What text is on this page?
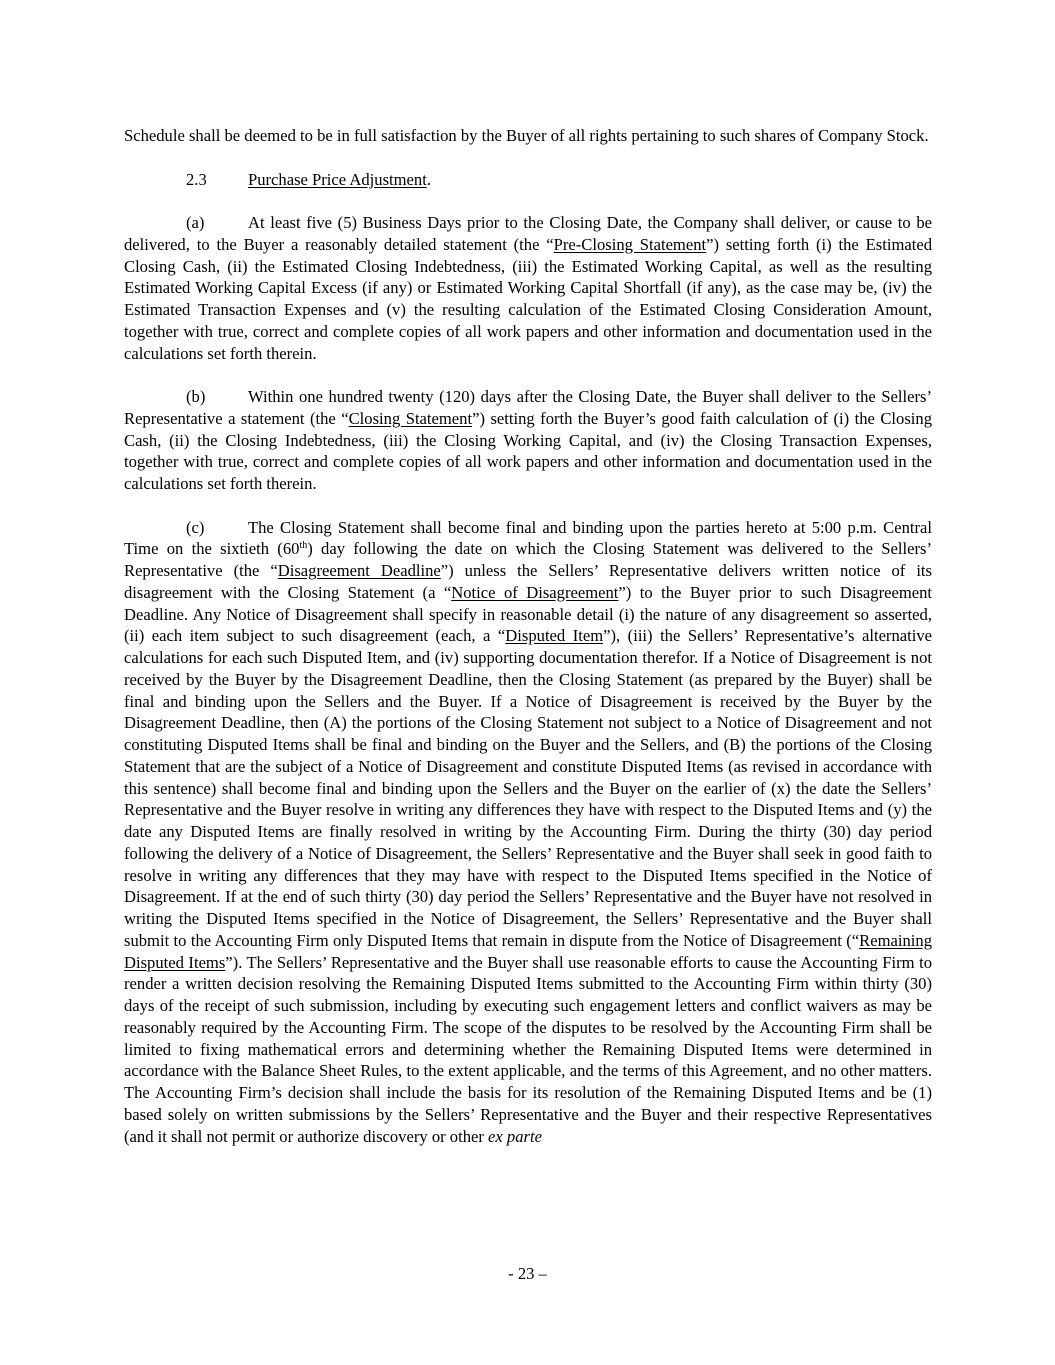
Schedule shall be deemed to be in full satisfaction by the Buyer of all rights pertaining to such shares of Company Stock.

2.3 Purchase Price Adjustment.

(a)	At least five (5) Business Days prior to the Closing Date, the Company shall deliver, or cause to be delivered, to the Buyer a reasonably detailed statement (the “Pre-Closing Statement”) setting forth (i) the Estimated Closing Cash, (ii) the Estimated Closing Indebtedness, (iii) the Estimated Working Capital, as well as the resulting Estimated Working Capital Excess (if any) or Estimated Working Capital Shortfall (if any), as the case may be, (iv) the Estimated Transaction Expenses and (v) the resulting calculation of the Estimated Closing Consideration Amount, together with true, correct and complete copies of all work papers and other information and documentation used in the calculations set forth therein.

(b)	Within one hundred twenty (120) days after the Closing Date, the Buyer shall deliver to the Sellers’ Representative a statement (the “Closing Statement”) setting forth the Buyer’s good faith calculation of (i) the Closing Cash, (ii) the Closing Indebtedness, (iii) the Closing Working Capital, and (iv) the Closing Transaction Expenses, together with true, correct and complete copies of all work papers and other information and documentation used in the calculations set forth therein.

(c)	The Closing Statement shall become final and binding upon the parties hereto at 5:00 p.m. Central Time on the sixtieth (60th) day following the date on which the Closing Statement was delivered to the Sellers’ Representative (the “Disagreement Deadline”) unless the Sellers’ Representative delivers written notice of its disagreement with the Closing Statement (a “Notice of Disagreement”) to the Buyer prior to such Disagreement Deadline. Any Notice of Disagreement shall specify in reasonable detail (i) the nature of any disagreement so asserted, (ii) each item subject to such disagreement (each, a “Disputed Item”), (iii) the Sellers’ Representative’s alternative calculations for each such Disputed Item, and (iv) supporting documentation therefor. If a Notice of Disagreement is not received by the Buyer by the Disagreement Deadline, then the Closing Statement (as prepared by the Buyer) shall be final and binding upon the Sellers and the Buyer. If a Notice of Disagreement is received by the Buyer by the Disagreement Deadline, then (A) the portions of the Closing Statement not subject to a Notice of Disagreement and not constituting Disputed Items shall be final and binding on the Buyer and the Sellers, and (B) the portions of the Closing Statement that are the subject of a Notice of Disagreement and constitute Disputed Items (as revised in accordance with this sentence) shall become final and binding upon the Sellers and the Buyer on the earlier of (x) the date the Sellers’ Representative and the Buyer resolve in writing any differences they have with respect to the Disputed Items and (y) the date any Disputed Items are finally resolved in writing by the Accounting Firm. During the thirty (30) day period following the delivery of a Notice of Disagreement, the Sellers’ Representative and the Buyer shall seek in good faith to resolve in writing any differences that they may have with respect to the Disputed Items specified in the Notice of Disagreement. If at the end of such thirty (30) day period the Sellers’ Representative and the Buyer have not resolved in writing the Disputed Items specified in the Notice of Disagreement, the Sellers’ Representative and the Buyer shall submit to the Accounting Firm only Disputed Items that remain in dispute from the Notice of Disagreement (“Remaining Disputed Items”). The Sellers’ Representative and the Buyer shall use reasonable efforts to cause the Accounting Firm to render a written decision resolving the Remaining Disputed Items submitted to the Accounting Firm within thirty (30) days of the receipt of such submission, including by executing such engagement letters and conflict waivers as may be reasonably required by the Accounting Firm. The scope of the disputes to be resolved by the Accounting Firm shall be limited to fixing mathematical errors and determining whether the Remaining Disputed Items were determined in accordance with the Balance Sheet Rules, to the extent applicable, and the terms of this Agreement, and no other matters. The Accounting Firm’s decision shall include the basis for its resolution of the Remaining Disputed Items and be (1) based solely on written submissions by the Sellers’ Representative and the Buyer and their respective Representatives (and it shall not permit or authorize discovery or other ex parte

- 23 –
